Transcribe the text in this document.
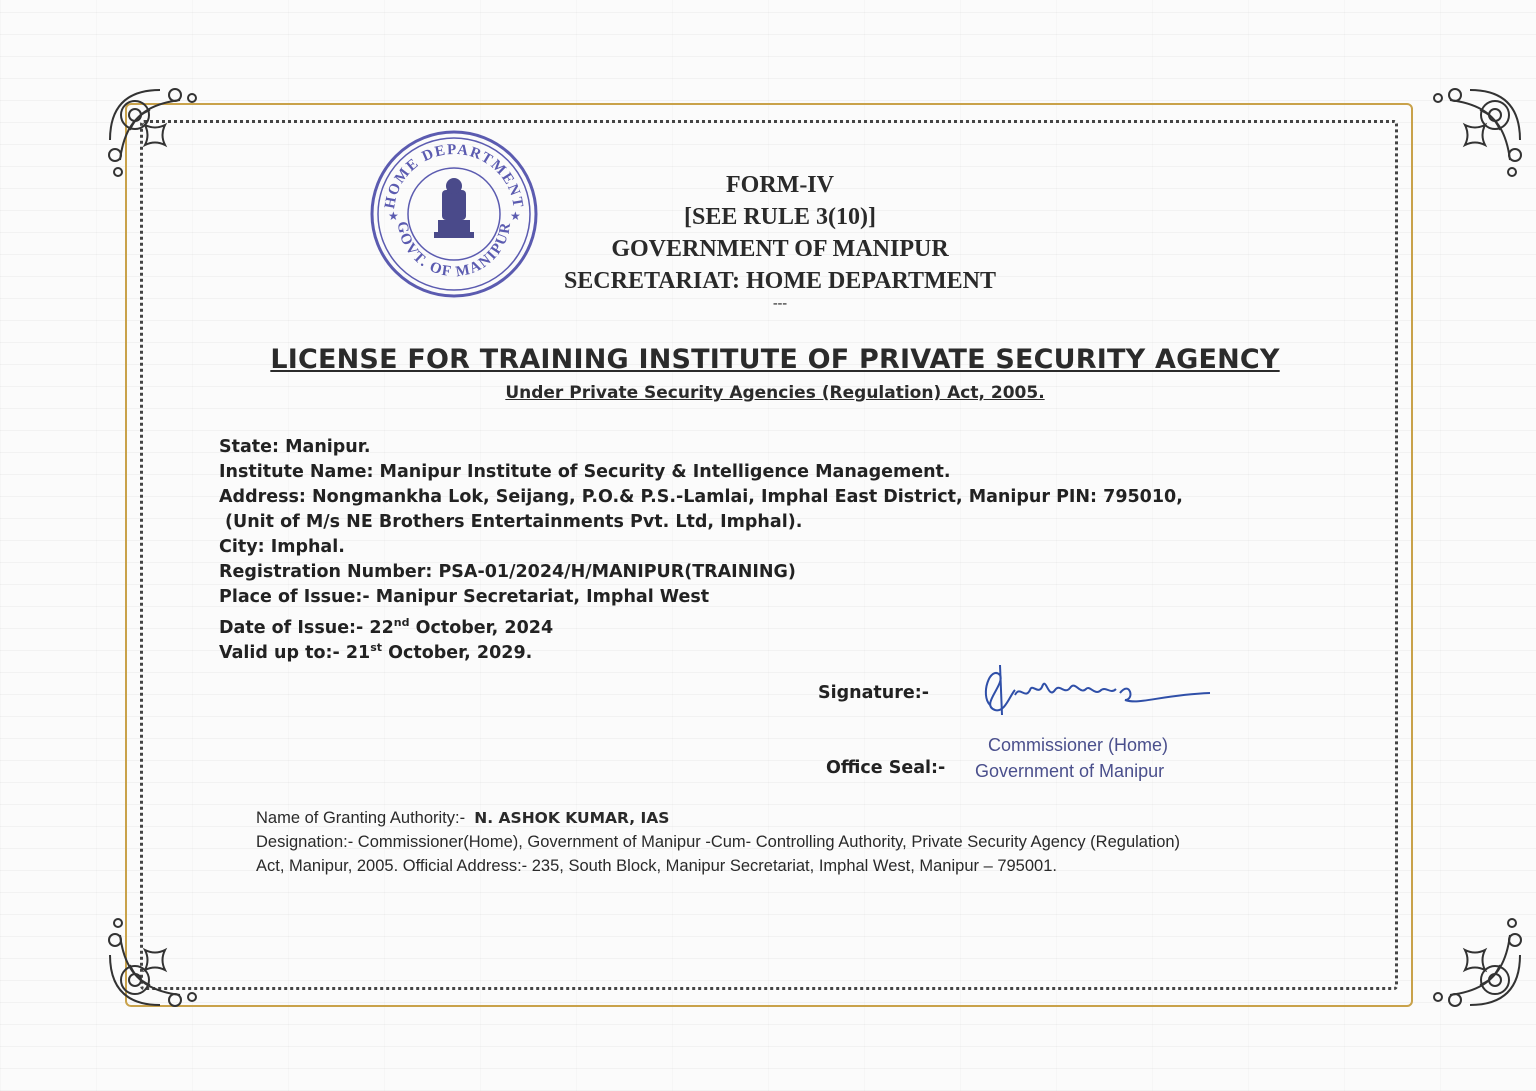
HOME DEPARTMENT
GOVT. OF MANIPUR
★	★
FORM-IV
[SEE RULE 3(10)]
GOVERNMENT OF MANIPUR
SECRETARIAT: HOME DEPARTMENT
---
LICENSE FOR TRAINING INSTITUTE OF PRIVATE SECURITY AGENCY
Under Private Security Agencies (Regulation) Act, 2005.
State: Manipur.
Institute Name: Manipur Institute of Security & Intelligence Management.
Address: Nongmankha Lok, Seijang, P.O.& P.S.-Lamlai, Imphal East District, Manipur PIN: 795010,
(Unit of M/s NE Brothers Entertainments Pvt. Ltd, Imphal).
City: Imphal.
Registration Number: PSA-01/2024/H/MANIPUR(TRAINING)
Place of Issue:- Manipur Secretariat, Imphal West
Date of Issue:- 22nd October, 2024
Valid up to:- 21st October, 2029.
Signature:-
Commissioner (Home)
Office Seal:- Government of Manipur
Name of Granting Authority:- N. ASHOK KUMAR, IAS
Designation:- Commissioner(Home), Government of Manipur -Cum- Controlling Authority, Private Security Agency (Regulation)
Act, Manipur, 2005. Official Address:- 235, South Block, Manipur Secretariat, Imphal West, Manipur – 795001.
